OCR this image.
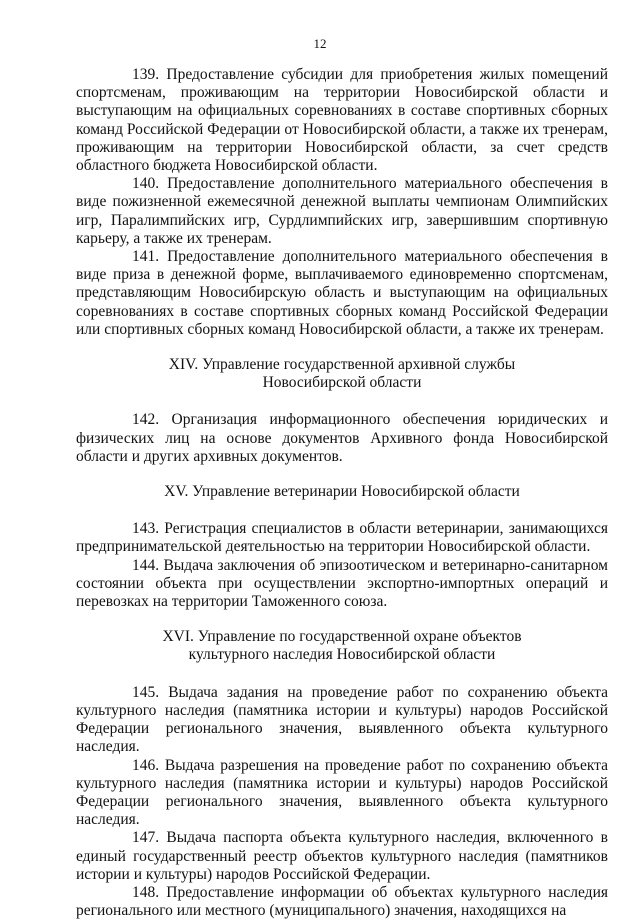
12

139. Предоставление субсидии для приобретения жилых помещений спортсменам, проживающим на территории Новосибирской области и выступающим на официальных соревнованиях в составе спортивных сборных команд Российской Федерации от Новосибирской области, а также их тренерам, проживающим на территории Новосибирской области, за счет средств областного бюджета Новосибирской области.

140. Предоставление дополнительного материального обеспечения в виде пожизненной ежемесячной денежной выплаты чемпионам Олимпийских игр, Паралимпийских игр, Сурдлимпийских игр, завершившим спортивную карьеру, а также их тренерам.

141. Предоставление дополнительного материального обеспечения в виде приза в денежной форме, выплачиваемого единовременно спортсменам, представляющим Новосибирскую область и выступающим на официальных соревнованиях в составе спортивных сборных команд Российской Федерации или спортивных сборных команд Новосибирской области, а также их тренерам.

XIV. Управление государственной архивной службы

Новосибирской области

142. Организация информационного обеспечения юридических и физических лиц на основе документов Архивного фонда Новосибирской области и других архивных документов.

XV. Управление ветеринарии Новосибирской области

143. Регистрация специалистов в области ветеринарии, занимающихся предпринимательской деятельностью на территории Новосибирской области.

144. Выдача заключения об эпизоотическом и ветеринарно-санитарном состоянии объекта при осуществлении экспортно-импортных операций и перевозках на территории Таможенного союза.

XVI. Управление по государственной охране объектов

культурного наследия Новосибирской области

145. Выдача задания на проведение работ по сохранению объекта культурного наследия (памятника истории и культуры) народов Российской Федерации регионального значения, выявленного объекта культурного наследия.

146. Выдача разрешения на проведение работ по сохранению объекта культурного наследия (памятника истории и культуры) народов Российской Федерации регионального значения, выявленного объекта культурного наследия.

147. Выдача паспорта объекта культурного наследия, включенного в единый государственный реестр объектов культурного наследия (памятников истории и культуры) народов Российской Федерации.

148. Предоставление информации об объектах культурного наследия регионального или местного (муниципального) значения, находящихся на
